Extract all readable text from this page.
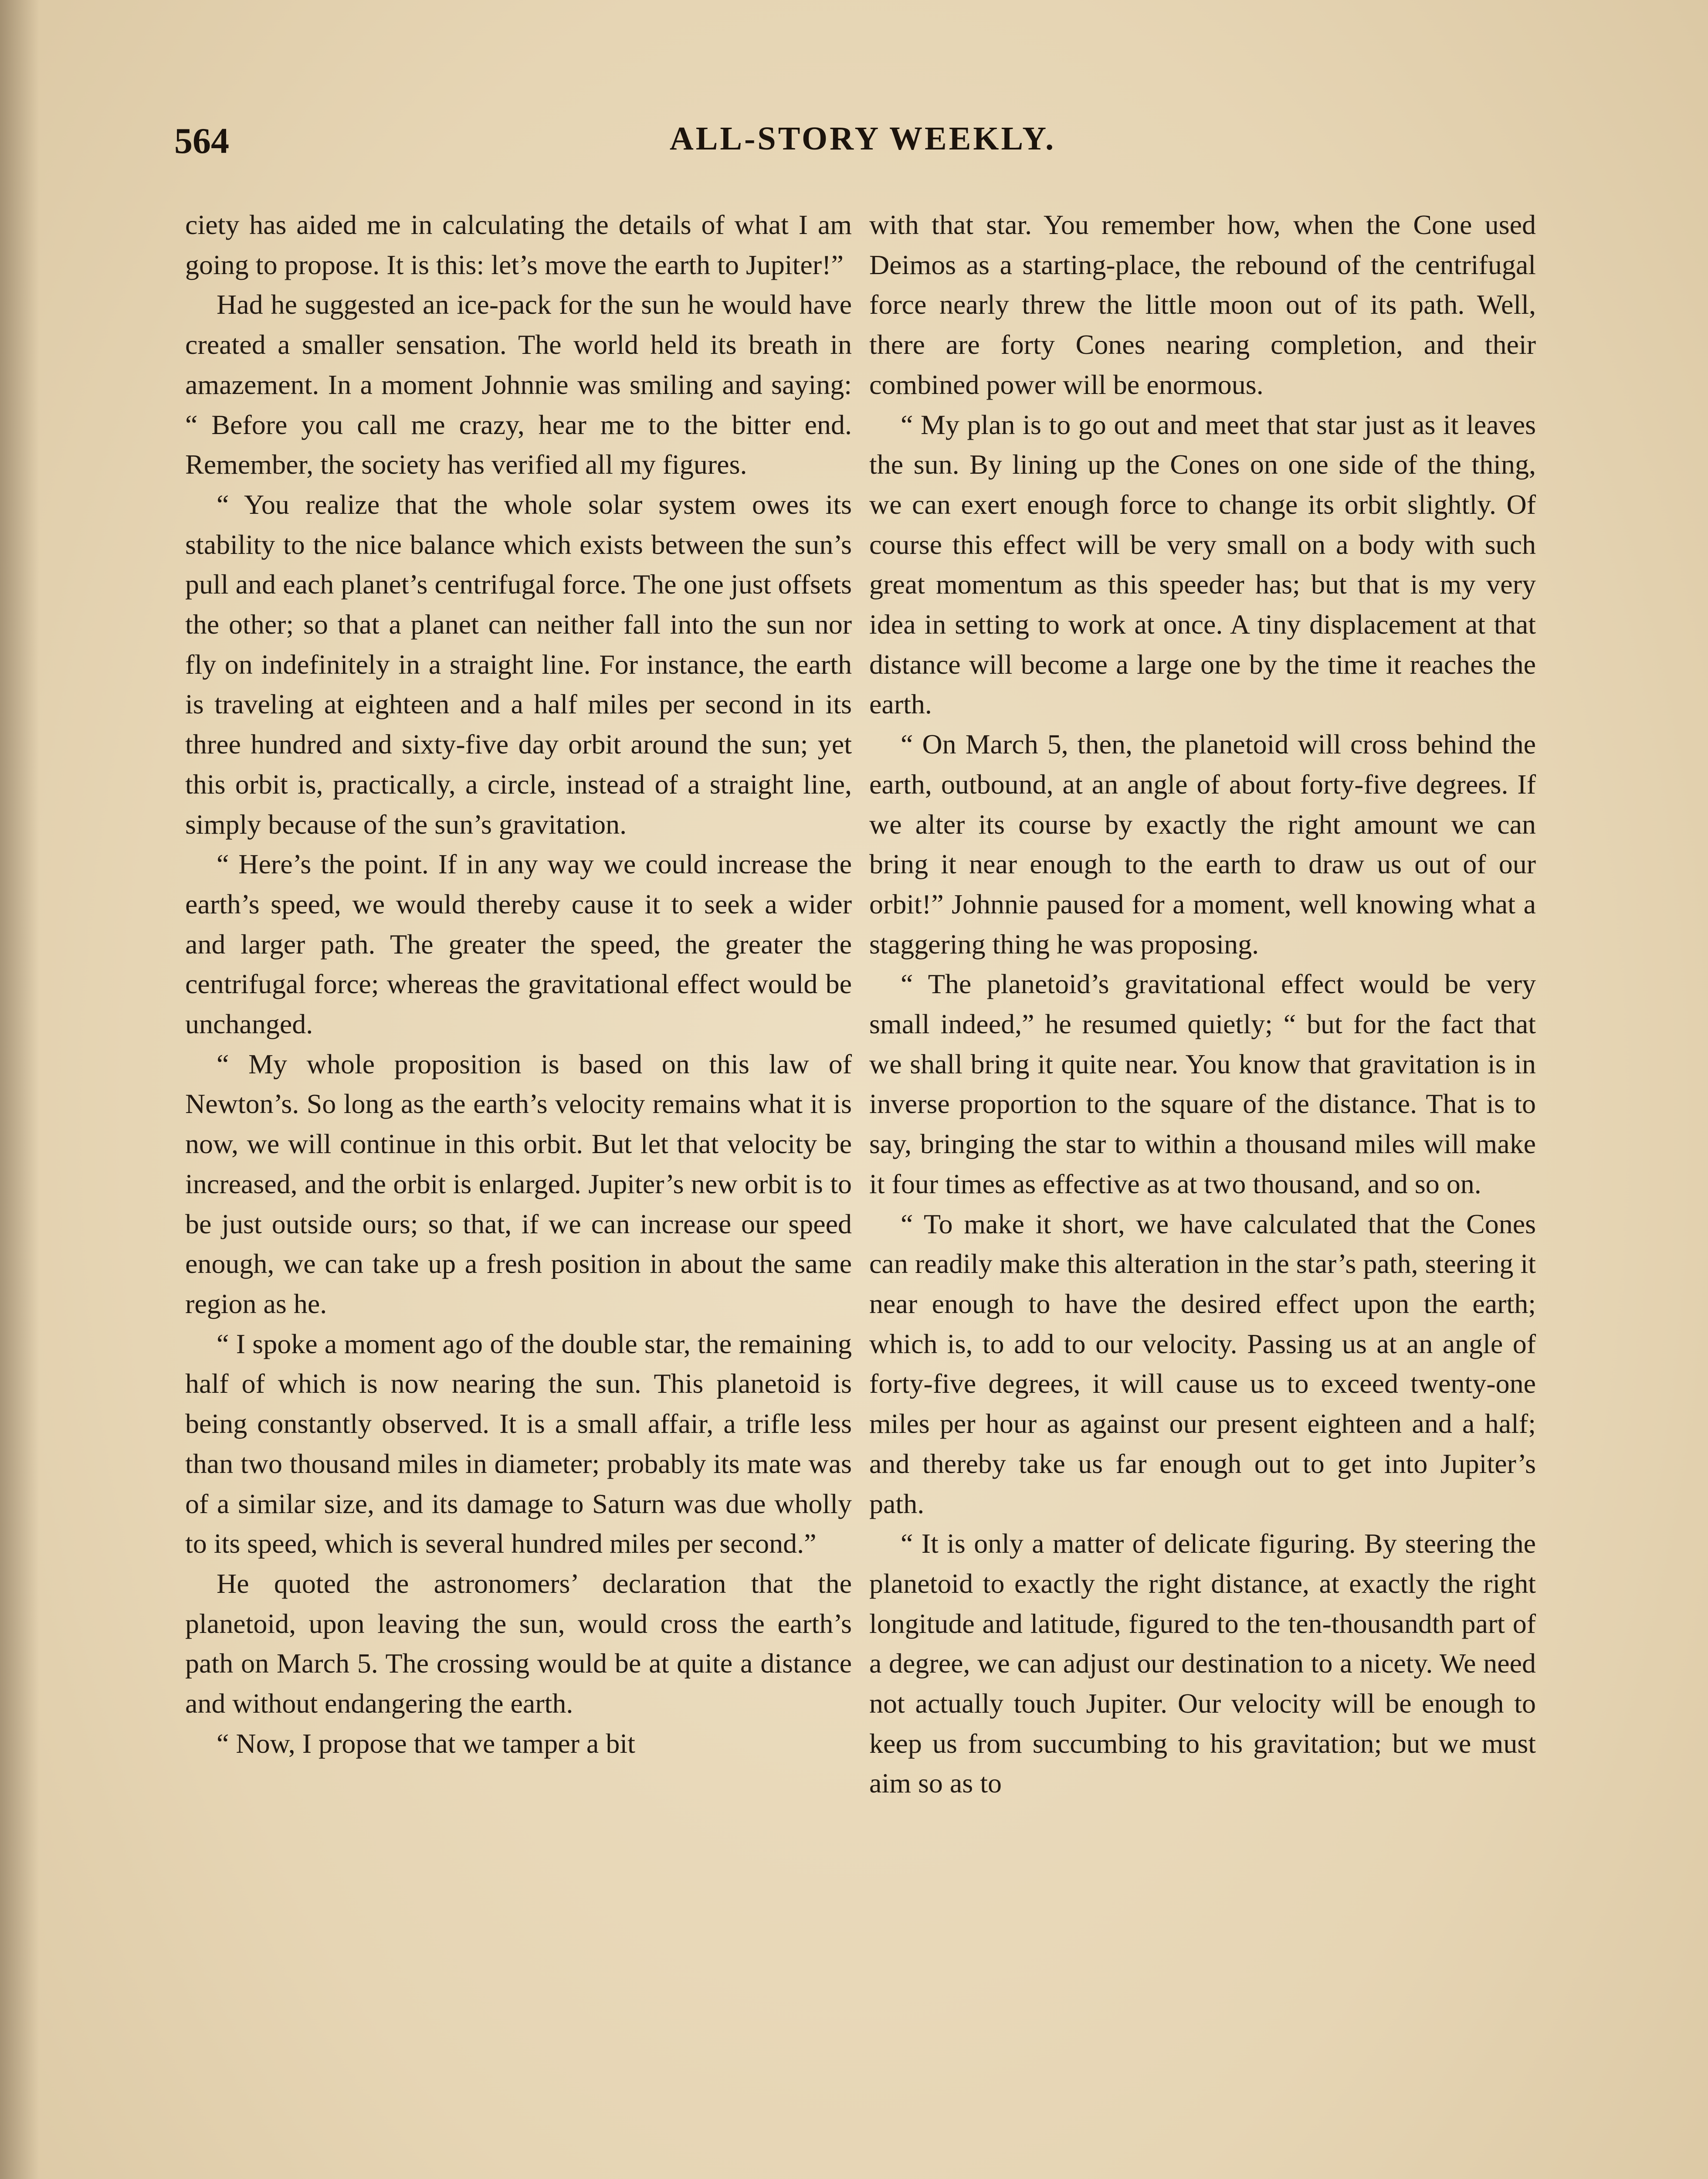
564	ALL-STORY WEEKLY.

ciety has aided me in calculating the details of what I am going to propose. It is this: let’s move the earth to Jupiter!”

Had he suggested an ice-pack for the sun he would have created a smaller sensation. The world held its breath in amazement. In a moment Johnnie was smiling and saying: “ Before you call me crazy, hear me to the bitter end. Remember, the society has verified all my figures.

“ You realize that the whole solar system owes its stability to the nice balance which exists between the sun’s pull and each planet’s centrifugal force. The one just offsets the other; so that a planet can neither fall into the sun nor fly on indefinitely in a straight line. For instance, the earth is traveling at eighteen and a half miles per second in its three hundred and sixty-five day orbit around the sun; yet this orbit is, practically, a circle, instead of a straight line, simply because of the sun’s gravitation.

“ Here’s the point. If in any way we could increase the earth’s speed, we would thereby cause it to seek a wider and larger path. The greater the speed, the greater the centrifugal force; whereas the gravitational effect would be unchanged.

“ My whole proposition is based on this law of Newton’s. So long as the earth’s velocity remains what it is now, we will continue in this orbit. But let that velocity be increased, and the orbit is enlarged. Jupiter’s new orbit is to be just outside ours; so that, if we can increase our speed enough, we can take up a fresh position in about the same region as he.

“ I spoke a moment ago of the double star, the remaining half of which is now nearing the sun. This planetoid is being constantly observed. It is a small affair, a trifle less than two thousand miles in diameter; probably its mate was of a similar size, and its damage to Saturn was due wholly to its speed, which is several hundred miles per second.”

He quoted the astronomers’ declaration that the planetoid, upon leaving the sun, would cross the earth’s path on March 5. The crossing would be at quite a distance and without endangering the earth.

“ Now, I propose that we tamper a bit

with that star. You remember how, when the Cone used Deimos as a starting-place, the rebound of the centrifugal force nearly threw the little moon out of its path. Well, there are forty Cones nearing completion, and their combined power will be enormous.

“ My plan is to go out and meet that star just as it leaves the sun. By lining up the Cones on one side of the thing, we can exert enough force to change its orbit slightly. Of course this effect will be very small on a body with such great momentum as this speeder has; but that is my very idea in setting to work at once. A tiny displacement at that distance will become a large one by the time it reaches the earth.

“ On March 5, then, the planetoid will cross behind the earth, outbound, at an angle of about forty-five degrees. If we alter its course by exactly the right amount we can bring it near enough to the earth to draw us out of our orbit!” Johnnie paused for a moment, well knowing what a staggering thing he was proposing.

“ The planetoid’s gravitational effect would be very small indeed,” he resumed quietly; “ but for the fact that we shall bring it quite near. You know that gravitation is in inverse proportion to the square of the distance. That is to say, bringing the star to within a thousand miles will make it four times as effective as at two thousand, and so on.

“ To make it short, we have calculated that the Cones can readily make this alteration in the star’s path, steering it near enough to have the desired effect upon the earth; which is, to add to our velocity. Passing us at an angle of forty-five degrees, it will cause us to exceed twenty-one miles per hour as against our present eighteen and a half; and thereby take us far enough out to get into Jupiter’s path.

“ It is only a matter of delicate figuring. By steering the planetoid to exactly the right distance, at exactly the right longitude and latitude, figured to the ten-thousandth part of a degree, we can adjust our destination to a nicety. We need not actually touch Jupiter. Our velocity will be enough to keep us from succumbing to his gravitation; but we must aim so as to
